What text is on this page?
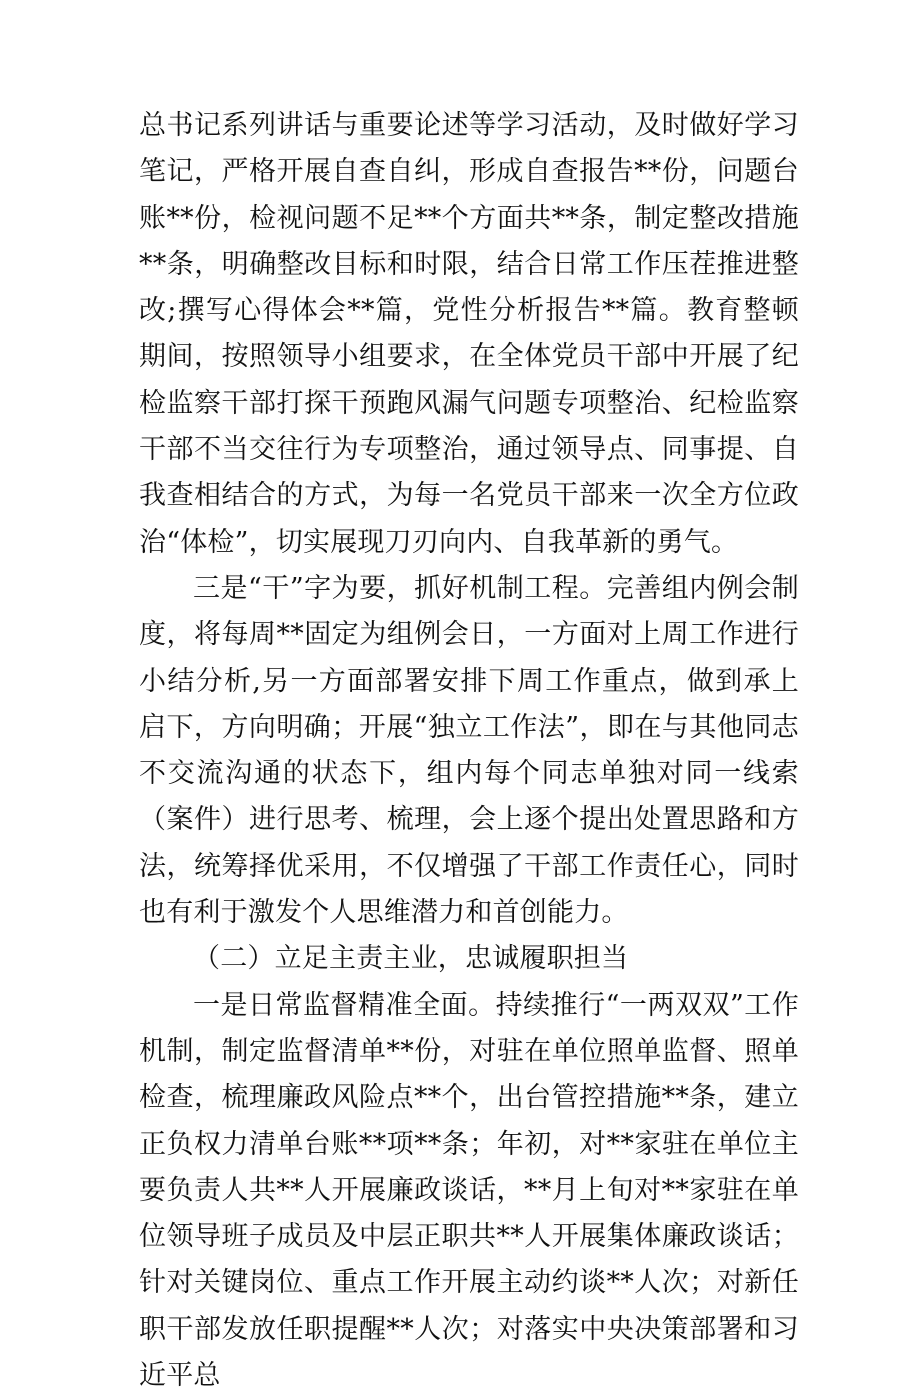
总书记系列讲话与重要论述等学习活动，及时做好学习笔记，严格开展自查自纠，形成自查报告**份，问题台账**份，检视问题不足**个方面共**条，制定整改措施**条，明确整改目标和时限，结合日常工作压茬推进整改;撰写心得体会**篇，党性分析报告**篇。教育整顿期间，按照领导小组要求，在全体党员干部中开展了纪检监察干部打探干预跑风漏气问题专项整治、纪检监察干部不当交往行为专项整治，通过领导点、同事提、自我查相结合的方式，为每一名党员干部来一次全方位政治“体检”，切实展现刀刃向内、自我革新的勇气。

三是“干”字为要，抓好机制工程。完善组内例会制度，将每周**固定为组例会日，一方面对上周工作进行小结分析,另一方面部署安排下周工作重点，做到承上启下，方向明确；开展“独立工作法”，即在与其他同志不交流沟通的状态下，组内每个同志单独对同一线索（案件）进行思考、梳理，会上逐个提出处置思路和方法，统筹择优采用，不仅增强了干部工作责任心，同时也有利于激发个人思维潜力和首创能力。

（二）立足主责主业，忠诚履职担当

一是日常监督精准全面。持续推行“一两双双”工作机制，制定监督清单**份，对驻在单位照单监督、照单检查，梳理廉政风险点**个，出台管控措施**条，建立正负权力清单台账**项**条；年初，对**家驻在单位主要负责人共**人开展廉政谈话，**月上旬对**家驻在单位领导班子成员及中层正职共**人开展集体廉政谈话；针对关键岗位、重点工作开展主动约谈**人次；对新任职干部发放任职提醒**人次；对落实中央决策部署和习近平总
